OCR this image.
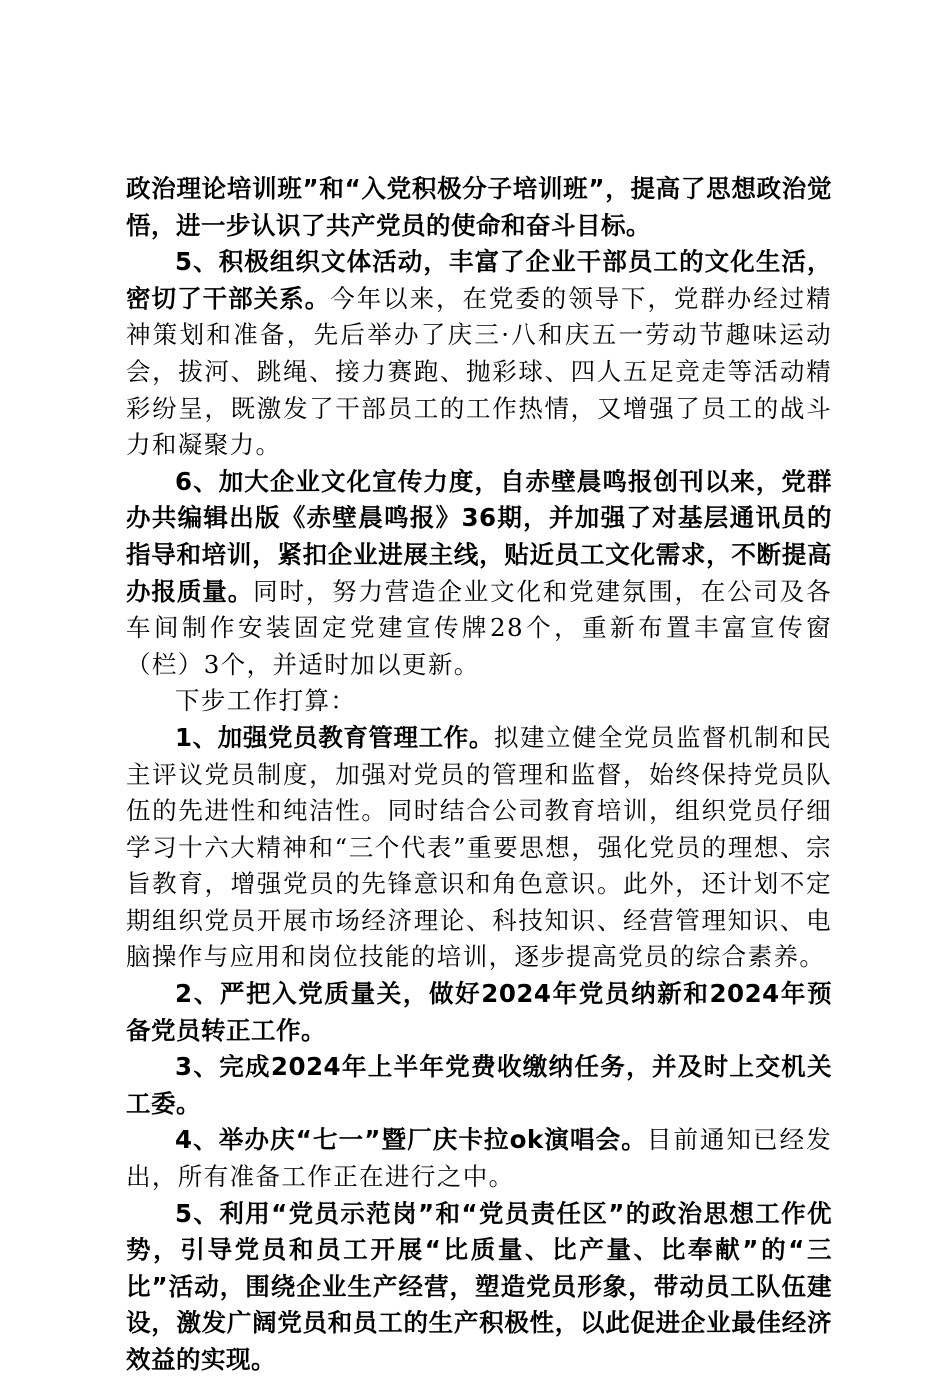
政治理论培训班”和“入党积极分子培训班”，提高了思想政治觉悟，进一步认识了共产党员的使命和奋斗目标。

5、积极组织文体活动，丰富了企业干部员工的文化生活，密切了干部关系。今年以来，在党委的领导下，党群办经过精神策划和准备，先后举办了庆三·八和庆五一劳动节趣味运动会，拔河、跳绳、接力赛跑、抛彩球、四人五足竞走等活动精彩纷呈，既激发了干部员工的工作热情，又增强了员工的战斗力和凝聚力。

6、加大企业文化宣传力度，自赤壁晨鸣报创刊以来，党群办共编辑出版《赤壁晨鸣报》36期，并加强了对基层通讯员的指导和培训，紧扣企业进展主线，贴近员工文化需求，不断提高办报质量。同时，努力营造企业文化和党建氛围，在公司及各车间制作安装固定党建宣传牌28个，重新布置丰富宣传窗（栏）3个，并适时加以更新。

下步工作打算：

1、加强党员教育管理工作。拟建立健全党员监督机制和民主评议党员制度，加强对党员的管理和监督，始终保持党员队伍的先进性和纯洁性。同时结合公司教育培训，组织党员仔细学习十六大精神和“三个代表”重要思想，强化党员的理想、宗旨教育，增强党员的先锋意识和角色意识。此外，还计划不定期组织党员开展市场经济理论、科技知识、经营管理知识、电脑操作与应用和岗位技能的培训，逐步提高党员的综合素养。

2、严把入党质量关，做好2024年党员纳新和2024年预备党员转正工作。

3、完成2024年上半年党费收缴纳任务，并及时上交机关工委。

4、举办庆“七一”暨厂庆卡拉ok演唱会。目前通知已经发出，所有准备工作正在进行之中。

5、利用“党员示范岗”和“党员责任区”的政治思想工作优势，引导党员和员工开展“比质量、比产量、比奉献”的“三比”活动，围绕企业生产经营，塑造党员形象，带动员工队伍建设，激发广阔党员和员工的生产积极性，以此促进企业最佳经济效益的实现。
